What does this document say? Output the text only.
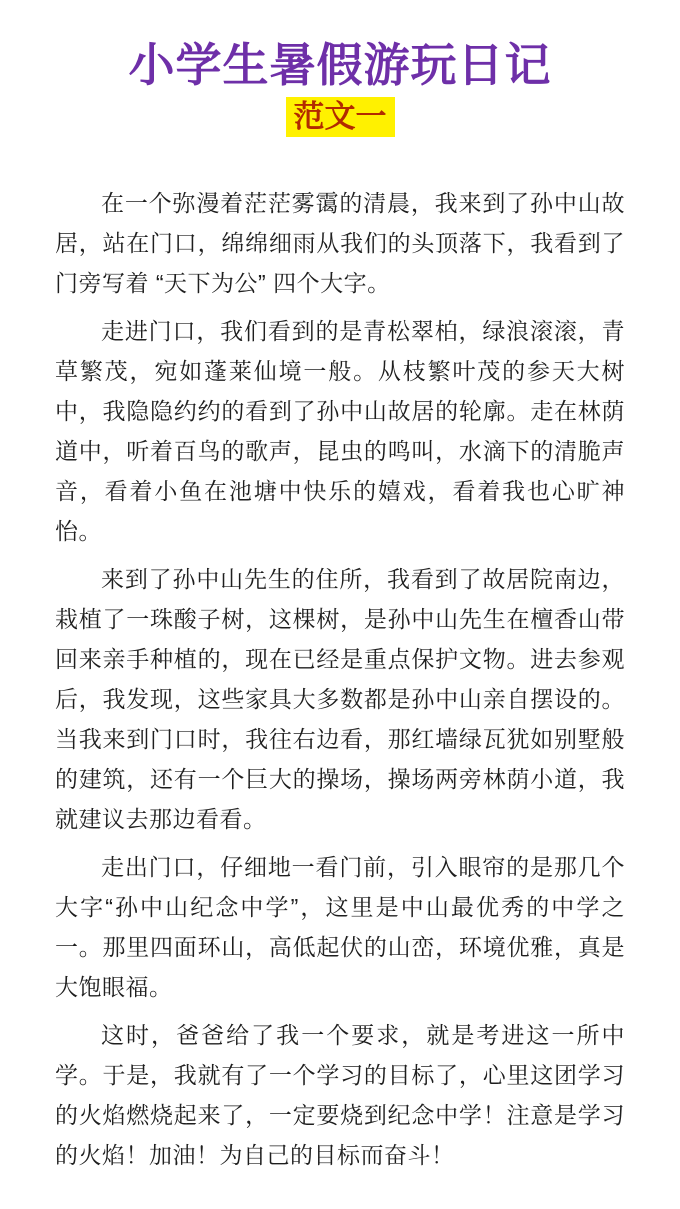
小学生暑假游玩日记
范文一

在一个弥漫着茫茫雾霭的清晨，我来到了孙中山故居，站在门口，绵绵细雨从我们的头顶落下，我看到了门旁写着 “天下为公” 四个大字。

走进门口，我们看到的是青松翠柏，绿浪滚滚，青草繁茂，宛如蓬莱仙境一般。从枝繁叶茂的参天大树中，我隐隐约约的看到了孙中山故居的轮廓。走在林荫道中，听着百鸟的歌声，昆虫的鸣叫，水滴下的清脆声音，看着小鱼在池塘中快乐的嬉戏，看着我也心旷神怡。

来到了孙中山先生的住所，我看到了故居院南边，栽植了一珠酸子树，这棵树，是孙中山先生在檀香山带回来亲手种植的，现在已经是重点保护文物。进去参观后，我发现，这些家具大多数都是孙中山亲自摆设的。当我来到门口时，我往右边看，那红墙绿瓦犹如别墅般的建筑，还有一个巨大的操场，操场两旁林荫小道，我就建议去那边看看。

走出门口，仔细地一看门前，引入眼帘的是那几个大字“孙中山纪念中学”，这里是中山最优秀的中学之一。那里四面环山，高低起伏的山峦，环境优雅，真是大饱眼福。

这时，爸爸给了我一个要求，就是考进这一所中学。于是，我就有了一个学习的目标了，心里这团学习的火焰燃烧起来了，一定要烧到纪念中学！注意是学习的火焰！加油！为自己的目标而奋斗！
